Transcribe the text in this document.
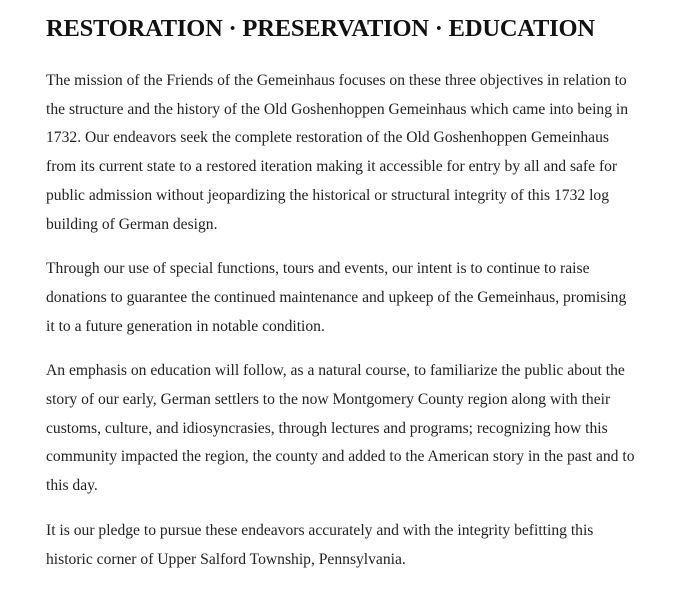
RESTORATION · PRESERVATION · EDUCATION

The mission of the Friends of the Gemeinhaus focuses on these three objectives in relation to the structure and the history of the Old Goshenhoppen Gemeinhaus which came into being in 1732. Our endeavors seek the complete restoration of the Old Goshenhoppen Gemeinhaus from its current state to a restored iteration making it accessible for entry by all and safe for public admission without jeopardizing the historical or structural integrity of this 1732 log building of German design.

Through our use of special functions, tours and events, our intent is to continue to raise donations to guarantee the continued maintenance and upkeep of the Gemeinhaus, promising it to a future generation in notable condition.

An emphasis on education will follow, as a natural course, to familiarize the public about the story of our early, German settlers to the now Montgomery County region along with their customs, culture, and idiosyncrasies, through lectures and programs; recognizing how this community impacted the region, the county and added to the American story in the past and to this day.

It is our pledge to pursue these endeavors accurately and with the integrity befitting this historic corner of Upper Salford Township, Pennsylvania.
